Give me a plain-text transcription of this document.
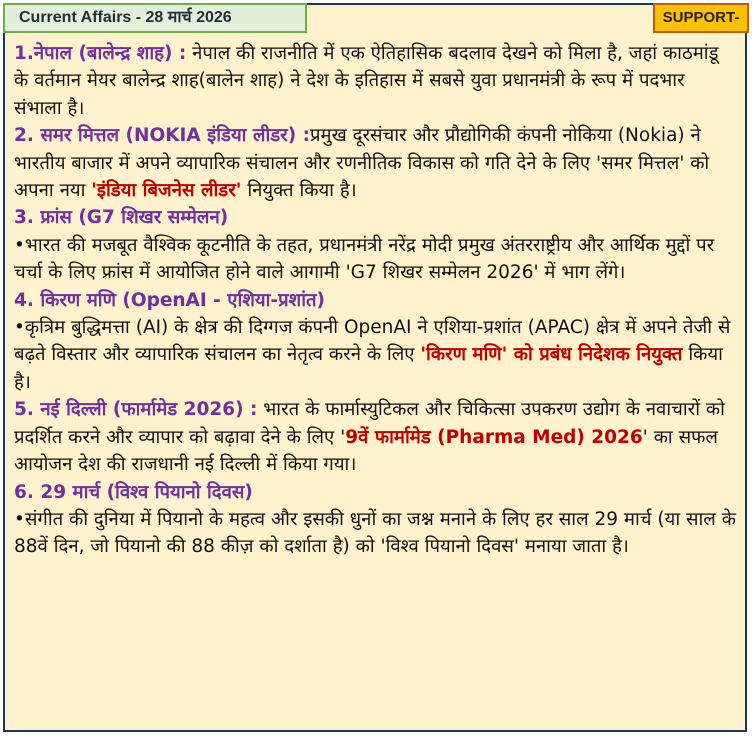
Current Affairs - 28 मार्च 2026	SUPPORT-

1.नेपाल (बालेन्द्र शाह) : नेपाल की राजनीति में एक ऐतिहासिक बदलाव देखने को मिला है, जहां काठमांडू के वर्तमान मेयर बालेन्द्र शाह(बालेन शाह) ने देश के इतिहास में सबसे युवा प्रधानमंत्री के रूप में पदभार संभाला है।

2. समर मित्तल (NOKIA इंडिया लीडर) :प्रमुख दूरसंचार और प्रौद्योगिकी कंपनी नोकिया (Nokia) ने भारतीय बाजार में अपने व्यापारिक संचालन और रणनीतिक विकास को गति देने के लिए 'समर मित्तल' को अपना नया 'इंडिया बिजनेस लीडर' नियुक्त किया है।

3. फ्रांस (G7 शिखर सम्मेलन)

•भारत की मजबूत वैश्विक कूटनीति के तहत, प्रधानमंत्री नरेंद्र मोदी प्रमुख अंतरराष्ट्रीय और आर्थिक मुद्दों पर चर्चा के लिए फ्रांस में आयोजित होने वाले आगामी 'G7 शिखर सम्मेलन 2026' में भाग लेंगे।

4. किरण मणि (OpenAI - एशिया-प्रशांत)

•कृत्रिम बुद्धिमत्ता (AI) के क्षेत्र की दिग्गज कंपनी OpenAI ने एशिया-प्रशांत (APAC) क्षेत्र में अपने तेजी से बढ़ते विस्तार और व्यापारिक संचालन का नेतृत्व करने के लिए 'किरण मणि' को प्रबंध निदेशक नियुक्त किया है।

5. नई दिल्ली (फार्मामेड 2026) : भारत के फार्मास्युटिकल और चिकित्सा उपकरण उद्योग के नवाचारों को प्रदर्शित करने और व्यापार को बढ़ावा देने के लिए '9वें फार्मामेड (Pharma Med) 2026' का सफल आयोजन देश की राजधानी नई दिल्ली में किया गया।

6. 29 मार्च (विश्व पियानो दिवस)

•संगीत की दुनिया में पियानो के महत्व और इसकी धुनों का जश्न मनाने के लिए हर साल 29 मार्च (या साल के 88वें दिन, जो पियानो की 88 कीज़ को दर्शाता है) को 'विश्व पियानो दिवस' मनाया जाता है।
